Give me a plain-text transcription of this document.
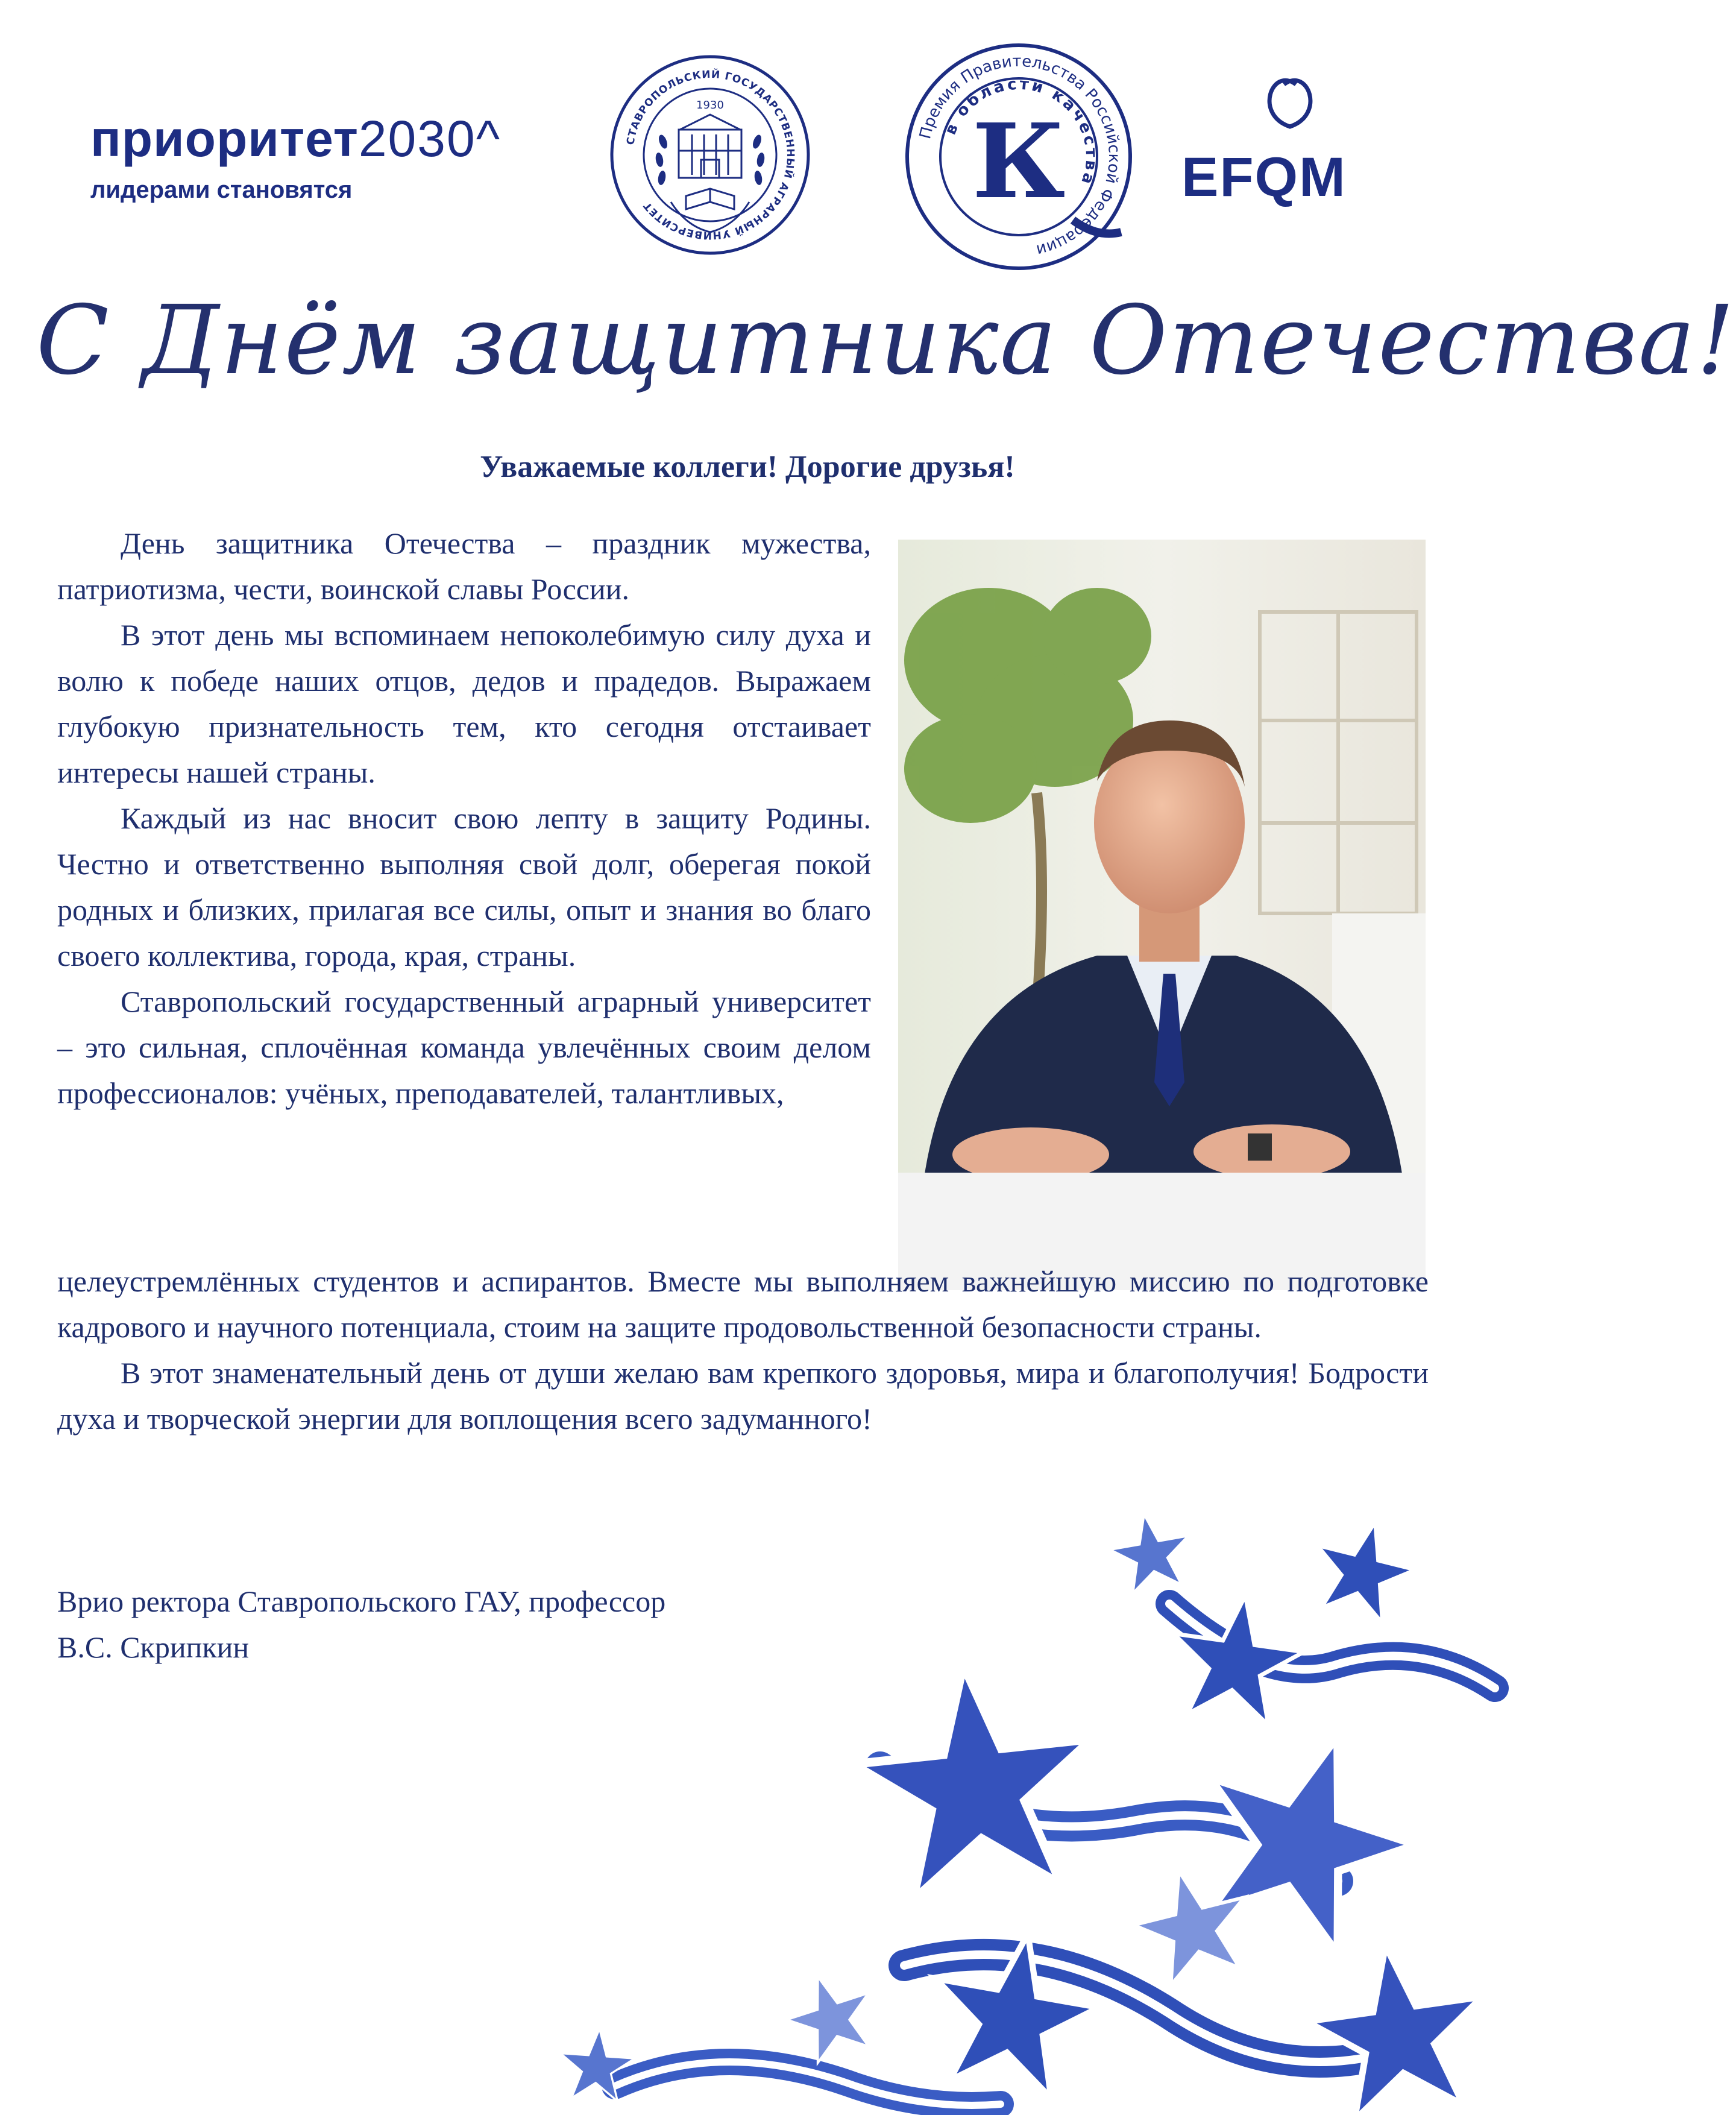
приоритет2030^
лидерами становятся
СТАВРОПОЛЬСКИЙ ГОСУДАРСТВЕННЫЙ АГРАРНЫЙ УНИВЕРСИТЕТ
1930
Премия Правительства Российской Федерации
в области качества
К EFQM
С Днём защитника Отечества!
Уважаемые коллеги! Дорогие друзья!

День защитника Отечества – праздник мужества, патриотизма, чести, воинской славы России.

В этот день мы вспоминаем непоколебимую силу духа и волю к победе наших отцов, дедов и прадедов. Выражаем глубокую признательность тем, кто сегодня отстаивает интересы нашей страны.

Каждый из нас вносит свою лепту в защиту Родины. Честно и ответственно выполняя свой долг, оберегая покой родных и близких, прилагая все силы, опыт и знания во благо своего коллектива, города, края, страны.

Ставропольский государственный аграрный университет – это сильная, сплочённая команда увлечённых своим делом профессионалов: учёных, преподавателей, талантливых,

целеустремлённых студентов и аспирантов. Вместе мы выполняем важнейшую миссию по подготовке кадрового и научного потенциала, стоим на защите продовольственной безопасности страны.

В этот знаменательный день от души желаю вам крепкого здоровья, мира и благополучия! Бодрости духа и творческой энергии для воплощения всего задуманного!

Врио ректора Ставропольского ГАУ, профессор
В.С. Скрипкин
